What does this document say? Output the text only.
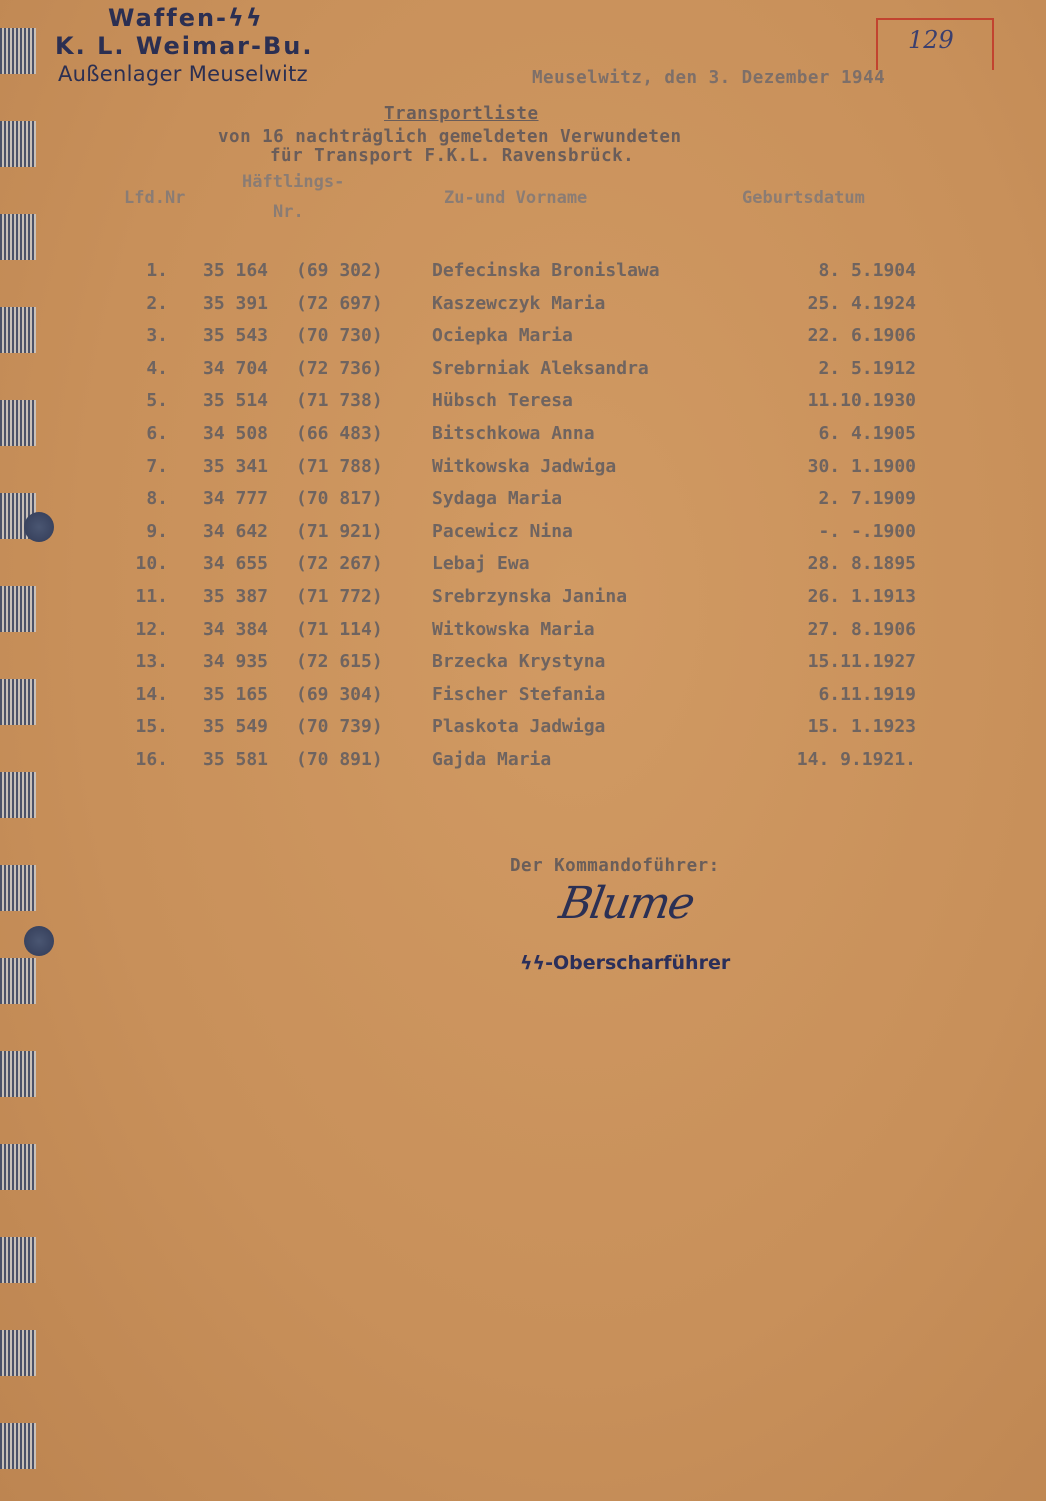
Waffen-ϟϟ
K. L. Weimar-Bu.
Außenlager Meuselwitz
129
Meuselwitz, den 3. Dezember 1944
Transportliste
von 16 nachträglich gemeldeten Verwundeten
für Transport F.K.L. Ravensbrück.
Lfd.Nr
Häftlings-
Nr.
Zu-und Vorname	Geburtsdatum
1. 35 164 (69 302)	Defecinska Bronislawa	8. 5.1904
2. 35 391 (72 697)	Kaszewczyk Maria	25. 4.1924
3. 35 543 (70 730)	Ociepka Maria	22. 6.1906
4. 34 704 (72 736)	Srebrniak Aleksandra	2. 5.1912
5. 35 514 (71 738)	Hübsch Teresa	11.10.1930
6. 34 508 (66 483)	Bitschkowa Anna	6. 4.1905
7. 35 341 (71 788)	Witkowska Jadwiga	30. 1.1900
8. 34 777 (70 817)	Sydaga Maria	2. 7.1909
9. 34 642 (71 921)	Pacewicz Nina	-. -.1900
10. 34 655 (72 267)	Lebaj Ewa	28. 8.1895
11. 35 387 (71 772)	Srebrzynska Janina	26. 1.1913
12. 34 384 (71 114)	Witkowska Maria	27. 8.1906
13. 34 935 (72 615)	Brzecka Krystyna	15.11.1927
14. 35 165 (69 304)	Fischer Stefania	6.11.1919
15. 35 549 (70 739)	Plaskota Jadwiga	15. 1.1923
16. 35 581 (70 891)	Gajda Maria	14. 9.1921.
Der Kommandoführer:
Blume
ϟϟ-Oberscharführer
